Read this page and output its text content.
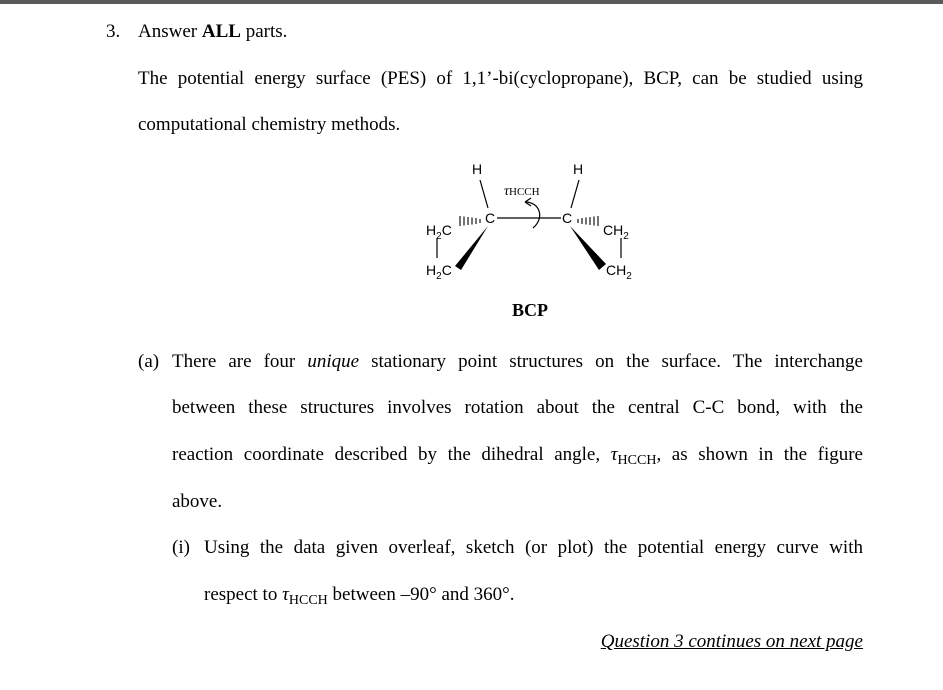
3. Answer ALL parts.
The potential energy surface (PES) of 1,1’-bi(cyclopropane), BCP, can be studied using
computational chemistry methods.
H	H
τHCCH
C	C
$H_2C$
$H_2C$
$CH_2$
$CH_2$
BCP
(a) There are four unique stationary point structures on the surface. The interchange
between these structures involves rotation about the central C-C bond, with the
reaction coordinate described by the dihedral angle, $\tau_{HCCH}$, as shown in the figure
above.
(i) Using the data given overleaf, sketch (or plot) the potential energy curve with
respect to $\tau_{HCCH}$ between –90° and 360°.
Question 3 continues on next page
